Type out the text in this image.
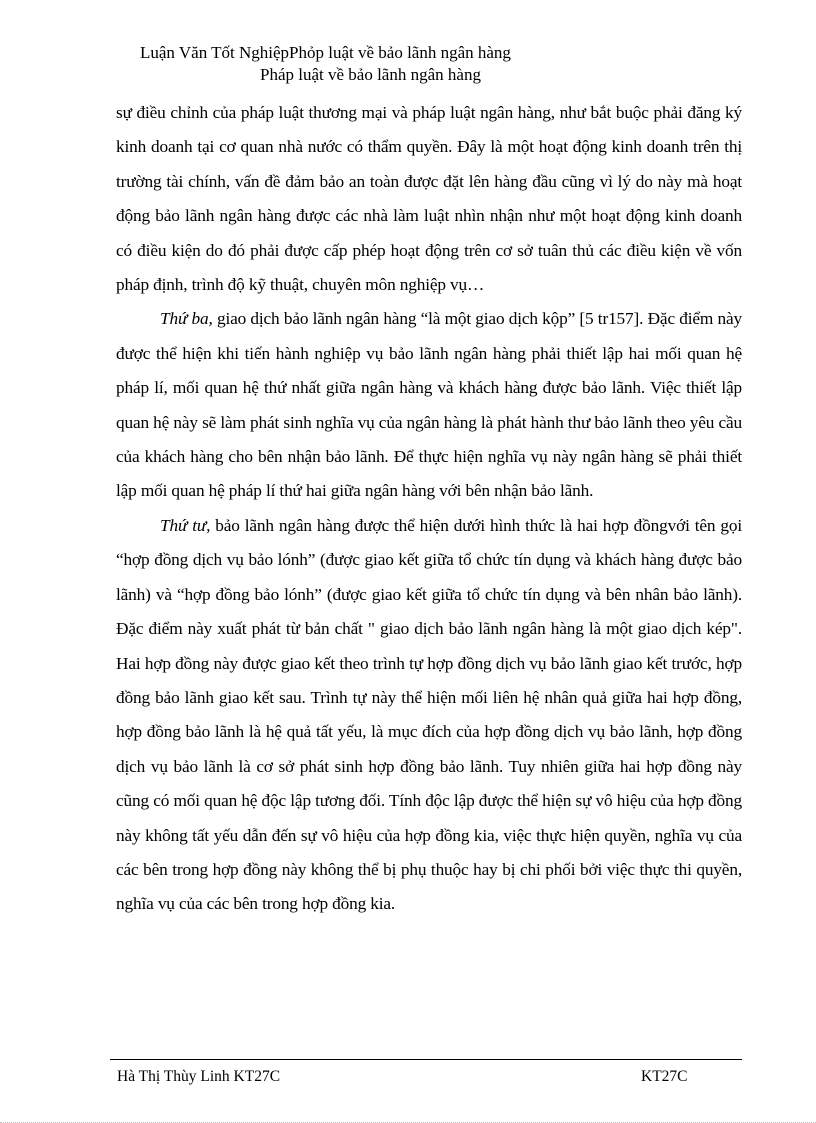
Luận Văn Tốt NghiệpPhỏp luật về bảo lãnh ngân hàng
Pháp luật về bảo lãnh ngân hàng

sự điều chỉnh của pháp luật thương mại và pháp luật ngân hàng, như bắt buộc phải đăng ký kinh doanh tại cơ quan nhà nước có thẩm quyền. Đây là một hoạt động kinh doanh trên thị trường tài chính, vấn đề đảm bảo an toàn được đặt lên hàng đầu cũng vì lý do này mà hoạt động bảo lãnh ngân hàng được các nhà làm luật nhìn nhận như một hoạt động kinh doanh có điều kiện do đó phải được cấp phép hoạt động trên cơ sở tuân thủ các điều kiện về vốn pháp định, trình độ kỹ thuật, chuyên môn nghiệp vụ…

Thứ ba, giao dịch bảo lãnh ngân hàng “là một giao dịch kộp” [5 tr157]. Đặc điểm này được thể hiện khi tiến hành nghiệp vụ bảo lãnh ngân hàng phải thiết lập hai mối quan hệ pháp lí, mối quan hệ thứ nhất giữa ngân hàng và khách hàng được bảo lãnh. Việc thiết lập quan hệ này sẽ làm phát sinh nghĩa vụ của ngân hàng là phát hành thư bảo lãnh theo yêu cầu của khách hàng cho bên nhận bảo lãnh. Để thực hiện nghĩa vụ này ngân hàng sẽ phải thiết lập mối quan hệ pháp lí thứ hai giữa ngân hàng với bên nhận bảo lãnh.

Thứ tư, bảo lãnh ngân hàng được thể hiện dưới hình thức là hai hợp đồngvới tên gọi “hợp đồng dịch vụ bảo lónh” (được giao kết giữa tổ chức tín dụng và khách hàng được bảo lãnh) và “hợp đồng bảo lónh” (được giao kết giữa tổ chức tín dụng và bên nhân bảo lãnh). Đặc điểm này xuất phát từ bản chất " giao dịch bảo lãnh ngân hàng là một giao dịch kép". Hai hợp đồng này được giao kết theo trình tự hợp đồng dịch vụ bảo lãnh giao kết trước, hợp đồng bảo lãnh giao kết sau. Trình tự này thể hiện mối liên hệ nhân quả giữa hai hợp đồng, hợp đồng bảo lãnh là hệ quả tất yếu, là mục đích của hợp đồng dịch vụ bảo lãnh, hợp đồng dịch vụ bảo lãnh là cơ sở phát sinh hợp đồng bảo lãnh. Tuy nhiên giữa hai hợp đồng này cũng có mối quan hệ độc lập tương đối. Tính độc lập được thể hiện sự vô hiệu của hợp đồng này không tất yếu dẫn đến sự vô hiệu của hợp đồng kia, việc thực hiện quyền, nghĩa vụ của các bên trong hợp đồng này không thể bị phụ thuộc hay bị chi phối bởi việc thực thi quyền, nghĩa vụ của các bên trong hợp đồng kia.

Hà Thị Thùy Linh KT27C	KT27C
